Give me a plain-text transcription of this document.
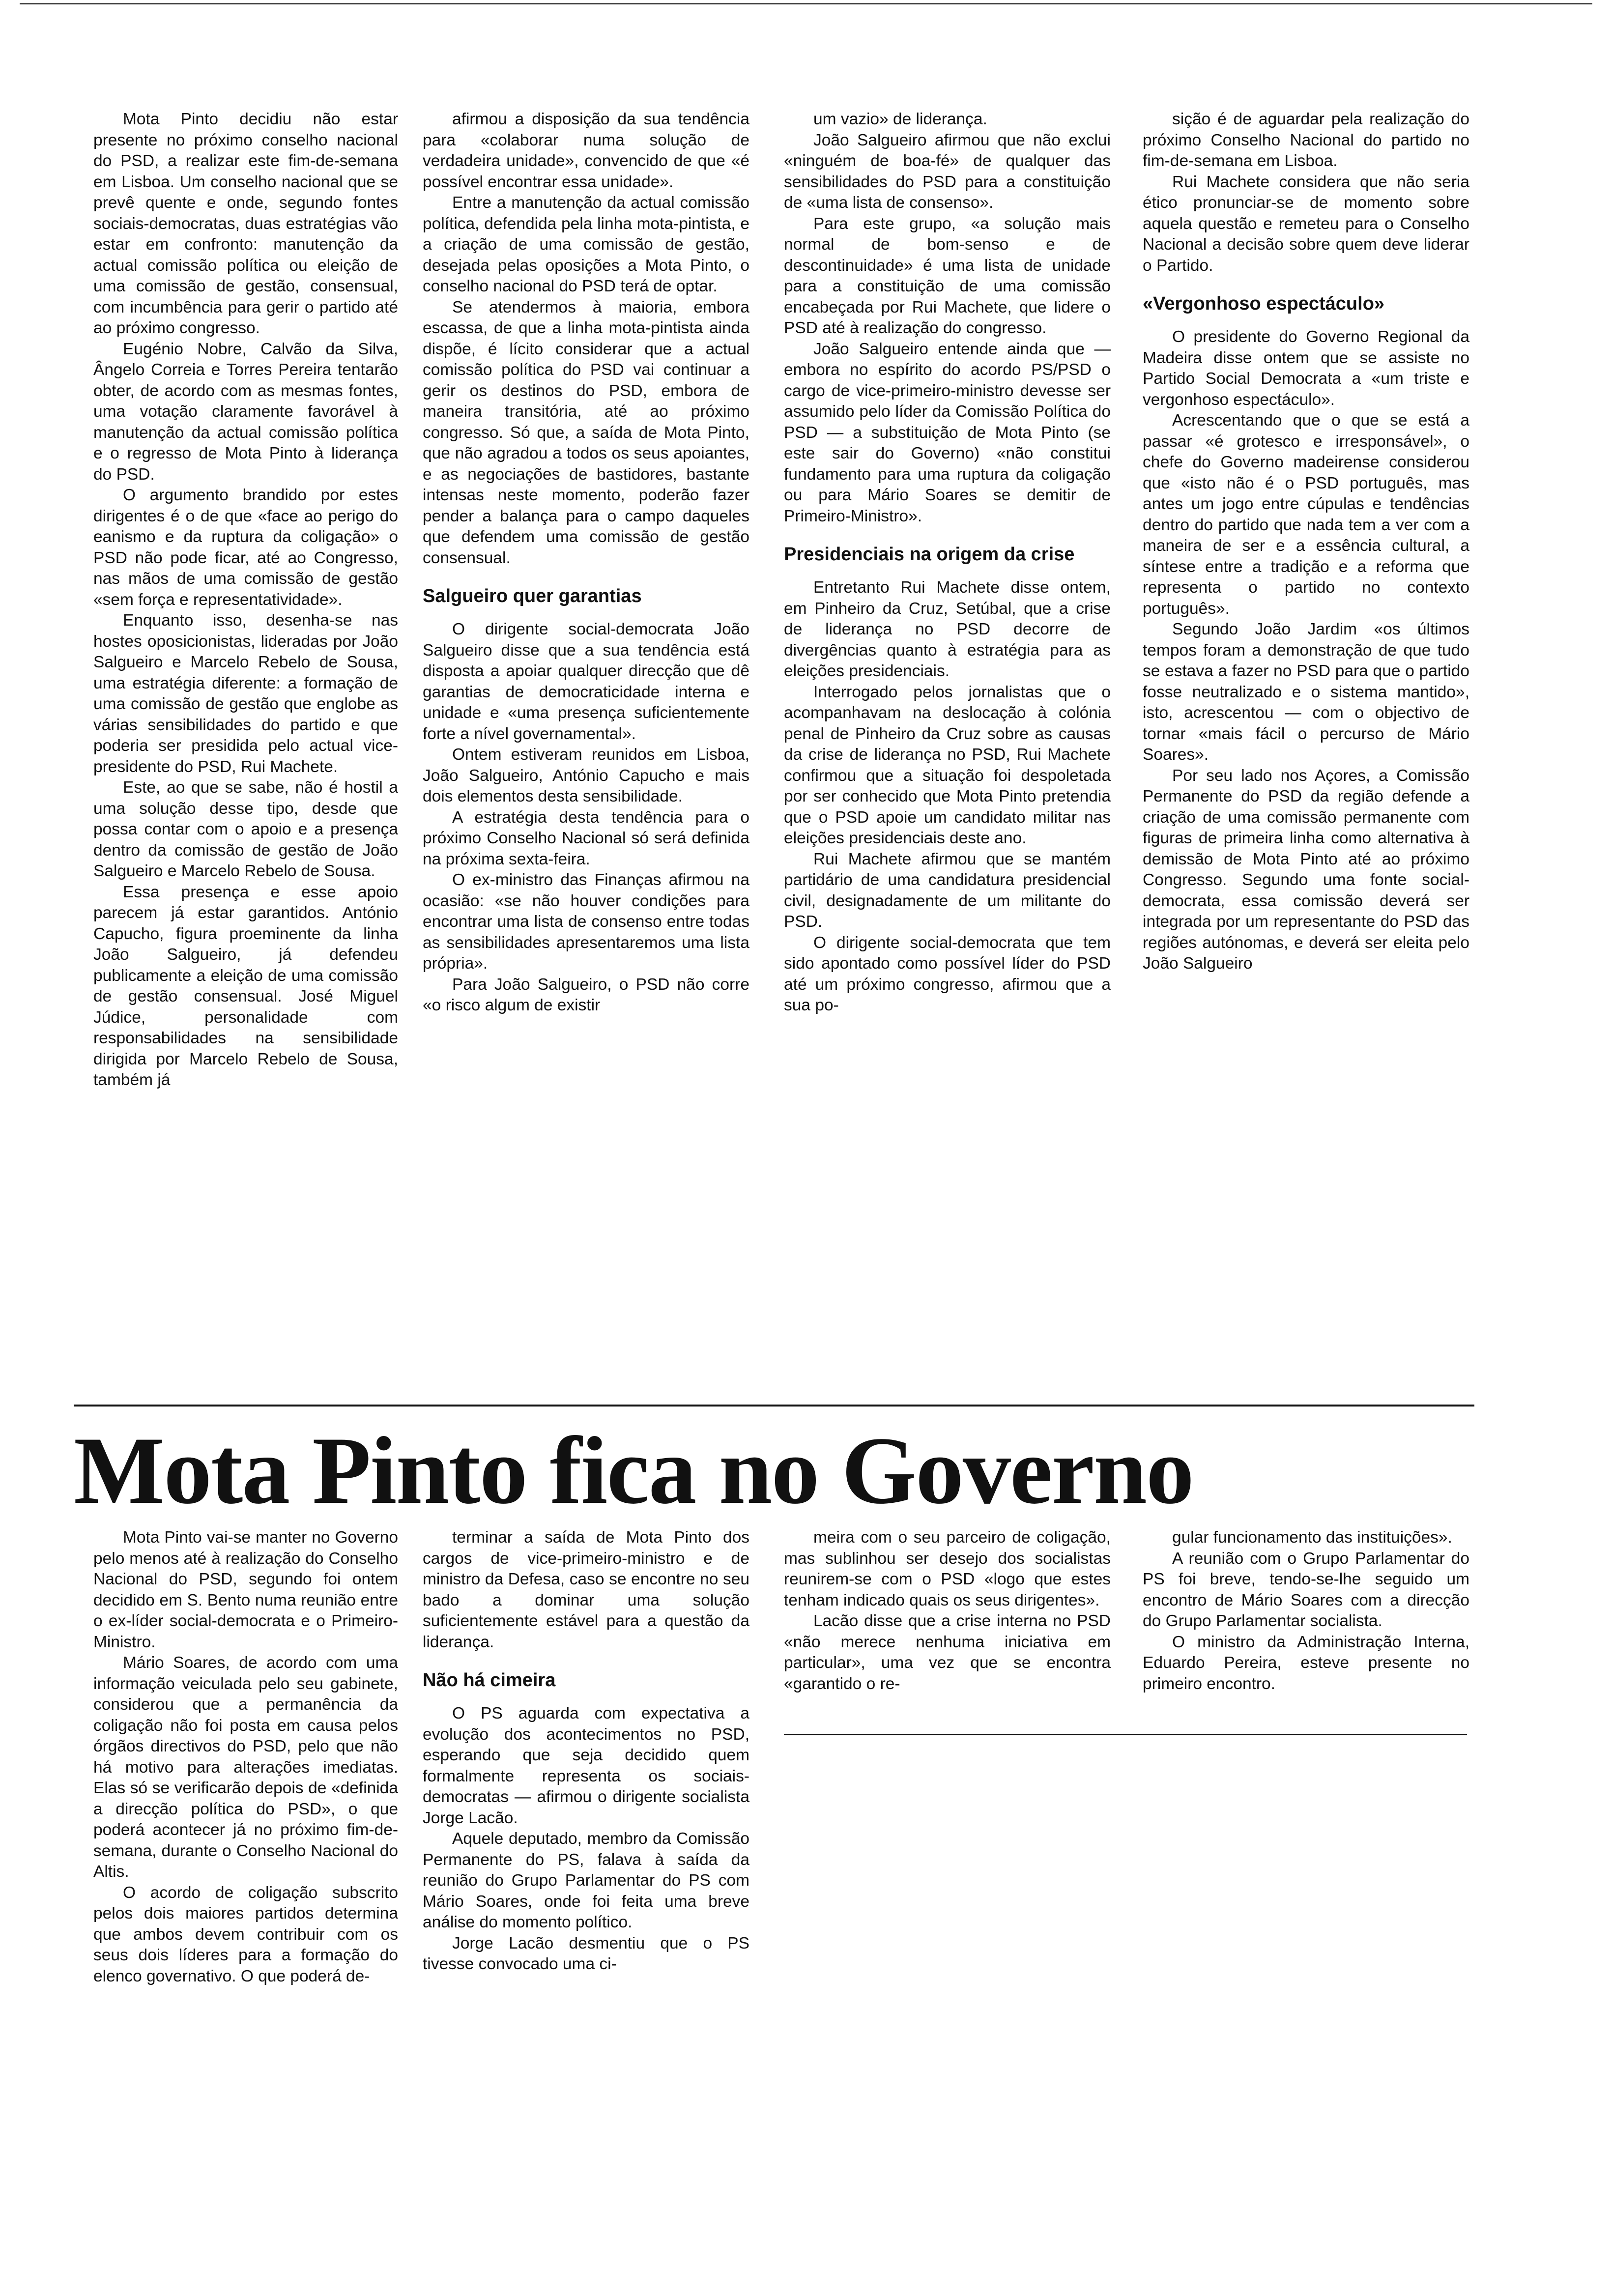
Mota Pinto decidiu não estar presente no próximo conselho nacional do PSD, a realizar este fim-de-semana em Lisboa. Um conselho nacional que se prevê quente e onde, segundo fontes sociais-democratas, duas estratégias vão estar em confronto: manutenção da actual comissão política ou eleição de uma comissão de gestão, consensual, com incumbência para gerir o partido até ao próximo congresso.

Eugénio Nobre, Calvão da Silva, Ângelo Correia e Torres Pereira tentarão obter, de acordo com as mesmas fontes, uma votação claramente favorável à manutenção da actual comissão política e o regresso de Mota Pinto à liderança do PSD.

O argumento brandido por estes dirigentes é o de que «face ao perigo do eanismo e da ruptura da coligação» o PSD não pode ficar, até ao Congresso, nas mãos de uma comissão de gestão «sem força e representatividade».

Enquanto isso, desenha-se nas hostes oposicionistas, lideradas por João Salgueiro e Marcelo Rebelo de Sousa, uma estratégia diferente: a formação de uma comissão de gestão que englobe as várias sensibilidades do partido e que poderia ser presidida pelo actual vice-presidente do PSD, Rui Machete.

Este, ao que se sabe, não é hostil a uma solução desse tipo, desde que possa contar com o apoio e a presença dentro da comissão de gestão de João Salgueiro e Marcelo Rebelo de Sousa.

Essa presença e esse apoio parecem já estar garantidos. António Capucho, figura proeminente da linha João Salgueiro, já defendeu publicamente a eleição de uma comissão de gestão consensual. José Miguel Júdice, personalidade com responsabilidades na sensibilidade dirigida por Marcelo Rebelo de Sousa, também já

afirmou a disposição da sua tendência para «colaborar numa solução de verdadeira unidade», convencido de que «é possível encontrar essa unidade».

Entre a manutenção da actual comissão política, defendida pela linha mota-pintista, e a criação de uma comissão de gestão, desejada pelas oposições a Mota Pinto, o conselho nacional do PSD terá de optar.

Se atendermos à maioria, embora escassa, de que a linha mota-pintista ainda dispõe, é lícito considerar que a actual comissão política do PSD vai continuar a gerir os destinos do PSD, embora de maneira transitória, até ao próximo congresso. Só que, a saída de Mota Pinto, que não agradou a todos os seus apoiantes, e as negociações de bastidores, bastante intensas neste momento, poderão fazer pender a balança para o campo daqueles que defendem uma comissão de gestão consensual.

Salgueiro quer garantias

O dirigente social-democrata João Salgueiro disse que a sua tendência está disposta a apoiar qualquer direcção que dê garantias de democraticidade interna e unidade e «uma presença suficientemente forte a nível governamental».

Ontem estiveram reunidos em Lisboa, João Salgueiro, António Capucho e mais dois elementos desta sensibilidade.

A estratégia desta tendência para o próximo Conselho Nacional só será definida na próxima sexta-feira.

O ex-ministro das Finanças afirmou na ocasião: «se não houver condições para encontrar uma lista de consenso entre todas as sensibilidades apresentaremos uma lista própria».

Para João Salgueiro, o PSD não corre «o risco algum de existir

um vazio» de liderança.

João Salgueiro afirmou que não exclui «ninguém de boa-fé» de qualquer das sensibilidades do PSD para a constituição de «uma lista de consenso».

Para este grupo, «a solução mais normal de bom-senso e de descontinuidade» é uma lista de unidade para a constituição de uma comissão encabeçada por Rui Machete, que lidere o PSD até à realização do congresso.

João Salgueiro entende ainda que — embora no espírito do acordo PS/PSD o cargo de vice-primeiro-ministro devesse ser assumido pelo líder da Comissão Política do PSD — a substituição de Mota Pinto (se este sair do Governo) «não constitui fundamento para uma ruptura da coligação ou para Mário Soares se demitir de Primeiro-Ministro».

Presidenciais na origem da crise

Entretanto Rui Machete disse ontem, em Pinheiro da Cruz, Setúbal, que a crise de liderança no PSD decorre de divergências quanto à estratégia para as eleições presidenciais.

Interrogado pelos jornalistas que o acompanhavam na deslocação à colónia penal de Pinheiro da Cruz sobre as causas da crise de liderança no PSD, Rui Machete confirmou que a situação foi despoletada por ser conhecido que Mota Pinto pretendia que o PSD apoie um candidato militar nas eleições presidenciais deste ano.

Rui Machete afirmou que se mantém partidário de uma candidatura presidencial civil, designadamente de um militante do PSD.

O dirigente social-democrata que tem sido apontado como possível líder do PSD até um próximo congresso, afirmou que a sua po-

sição é de aguardar pela realização do próximo Conselho Nacional do partido no fim-de-semana em Lisboa.

Rui Machete considera que não seria ético pronunciar-se de momento sobre aquela questão e remeteu para o Conselho Nacional a decisão sobre quem deve liderar o Partido.

«Vergonhoso espectáculo»

O presidente do Governo Regional da Madeira disse ontem que se assiste no Partido Social Democrata a «um triste e vergonhoso espectáculo».

Acrescentando que o que se está a passar «é grotesco e irresponsável», o chefe do Governo madeirense considerou que «isto não é o PSD português, mas antes um jogo entre cúpulas e tendências dentro do partido que nada tem a ver com a maneira de ser e a essência cultural, a síntese entre a tradição e a reforma que representa o partido no contexto português».

Segundo João Jardim «os últimos tempos foram a demonstração de que tudo se estava a fazer no PSD para que o partido fosse neutralizado e o sistema mantido», isto, acrescentou — com o objectivo de tornar «mais fácil o percurso de Mário Soares».

Por seu lado nos Açores, a Comissão Permanente do PSD da região defende a criação de uma comissão permanente com figuras de primeira linha como alternativa à demissão de Mota Pinto até ao próximo Congresso. Segundo uma fonte social-democrata, essa comissão deverá ser integrada por um representante do PSD das regiões autónomas, e deverá ser eleita pelo João Salgueiro

Mota Pinto fica no Governo

Mota Pinto vai-se manter no Governo pelo menos até à realização do Conselho Nacional do PSD, segundo foi ontem decidido em S. Bento numa reunião entre o ex-líder social-democrata e o Primeiro-Ministro.

Mário Soares, de acordo com uma informação veiculada pelo seu gabinete, considerou que a permanência da coligação não foi posta em causa pelos órgãos directivos do PSD, pelo que não há motivo para alterações imediatas. Elas só se verificarão depois de «definida a direcção política do PSD», o que poderá acontecer já no próximo fim-de-semana, durante o Conselho Nacional do Altis.

O acordo de coligação subscrito pelos dois maiores partidos determina que ambos devem contribuir com os seus dois líderes para a formação do elenco governativo. O que poderá de-

terminar a saída de Mota Pinto dos cargos de vice-primeiro-ministro e de ministro da Defesa, caso se encontre no seu bado a dominar uma solução suficientemente estável para a questão da liderança.

Não há cimeira

O PS aguarda com expectativa a evolução dos acontecimentos no PSD, esperando que seja decidido quem formalmente representa os sociais-democratas — afirmou o dirigente socialista Jorge Lacão.

Aquele deputado, membro da Comissão Permanente do PS, falava à saída da reunião do Grupo Parlamentar do PS com Mário Soares, onde foi feita uma breve análise do momento político.

Jorge Lacão desmentiu que o PS tivesse convocado uma ci-

meira com o seu parceiro de coligação, mas sublinhou ser desejo dos socialistas reunirem-se com o PSD «logo que estes tenham indicado quais os seus dirigentes».

Lacão disse que a crise interna no PSD «não merece nenhuma iniciativa em particular», uma vez que se encontra «garantido o re-

gular funcionamento das instituições».

A reunião com o Grupo Parlamentar do PS foi breve, tendo-se-lhe seguido um encontro de Mário Soares com a direcção do Grupo Parlamentar socialista.

O ministro da Administração Interna, Eduardo Pereira, esteve presente no primeiro encontro.
